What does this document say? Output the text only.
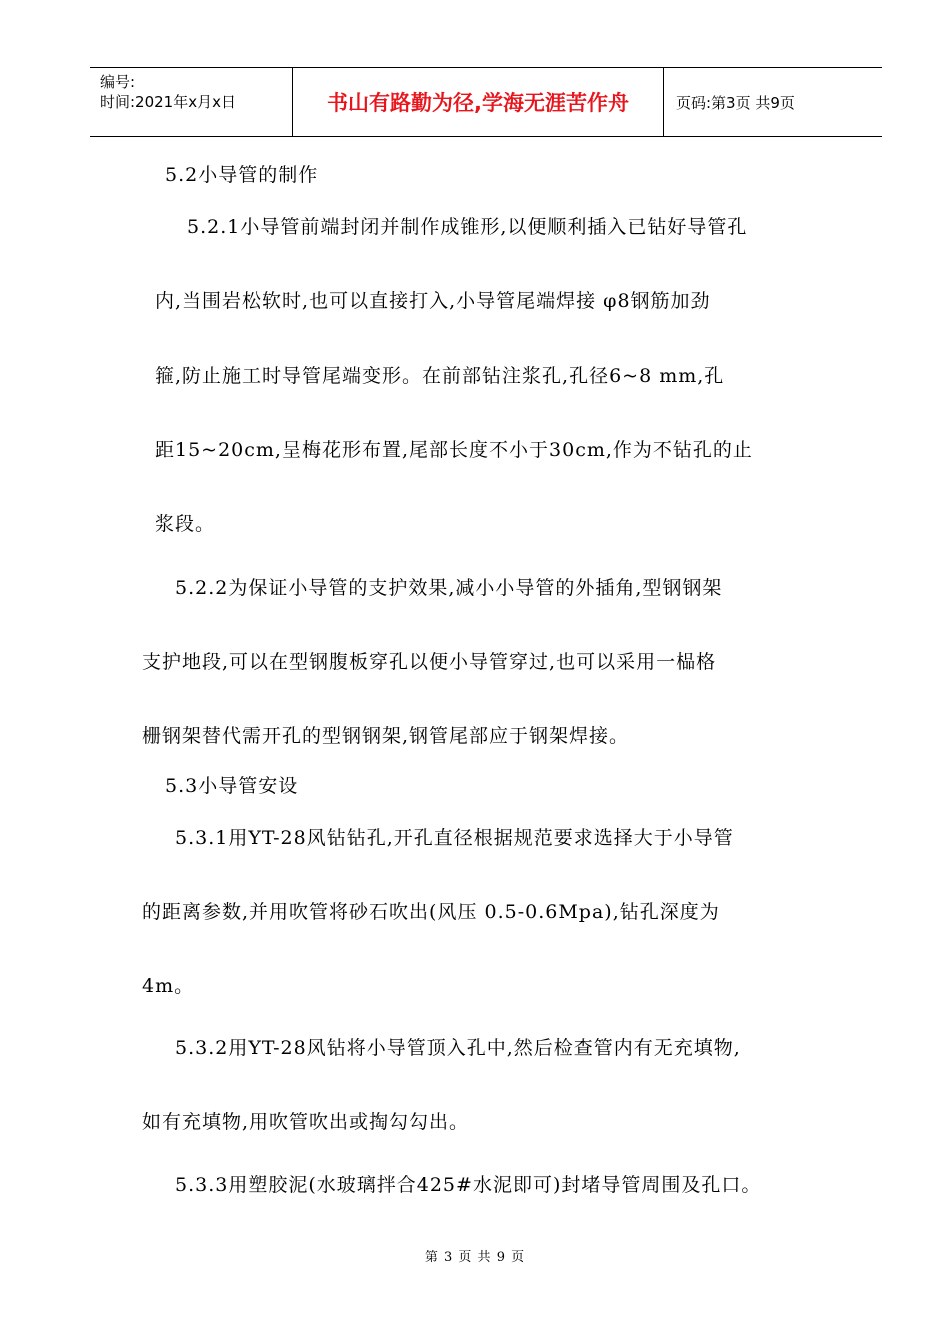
编号:
时间:2021年x月x日	书山有路勤为径,学海无涯苦作舟	页码:第3页 共9页
5.2小导管的制作
5.2.1小导管前端封闭并制作成锥形,以便顺利插入已钻好导管孔
内,当围岩松软时,也可以直接打入,小导管尾端焊接 φ8钢筋加劲
箍,防止施工时导管尾端变形。在前部钻注浆孔,孔径6~8 mm,孔
距15~20cm,呈梅花形布置,尾部长度不小于30cm,作为不钻孔的止
浆段。
5.2.2为保证小导管的支护效果,减小小导管的外插角,型钢钢架
支护地段,可以在型钢腹板穿孔以便小导管穿过,也可以采用一榀格
栅钢架替代需开孔的型钢钢架,钢管尾部应于钢架焊接。
5.3小导管安设
5.3.1用YT-28风钻钻孔,开孔直径根据规范要求选择大于小导管
的距离参数,并用吹管将砂石吹出(风压 0.5-0.6Mpa),钻孔深度为
4m。
5.3.2用YT-28风钻将小导管顶入孔中,然后检查管内有无充填物,
如有充填物,用吹管吹出或掏勾勾出。
5.3.3用塑胶泥(水玻璃拌合425#水泥即可)封堵导管周围及孔口。
第 3 页 共 9 页
